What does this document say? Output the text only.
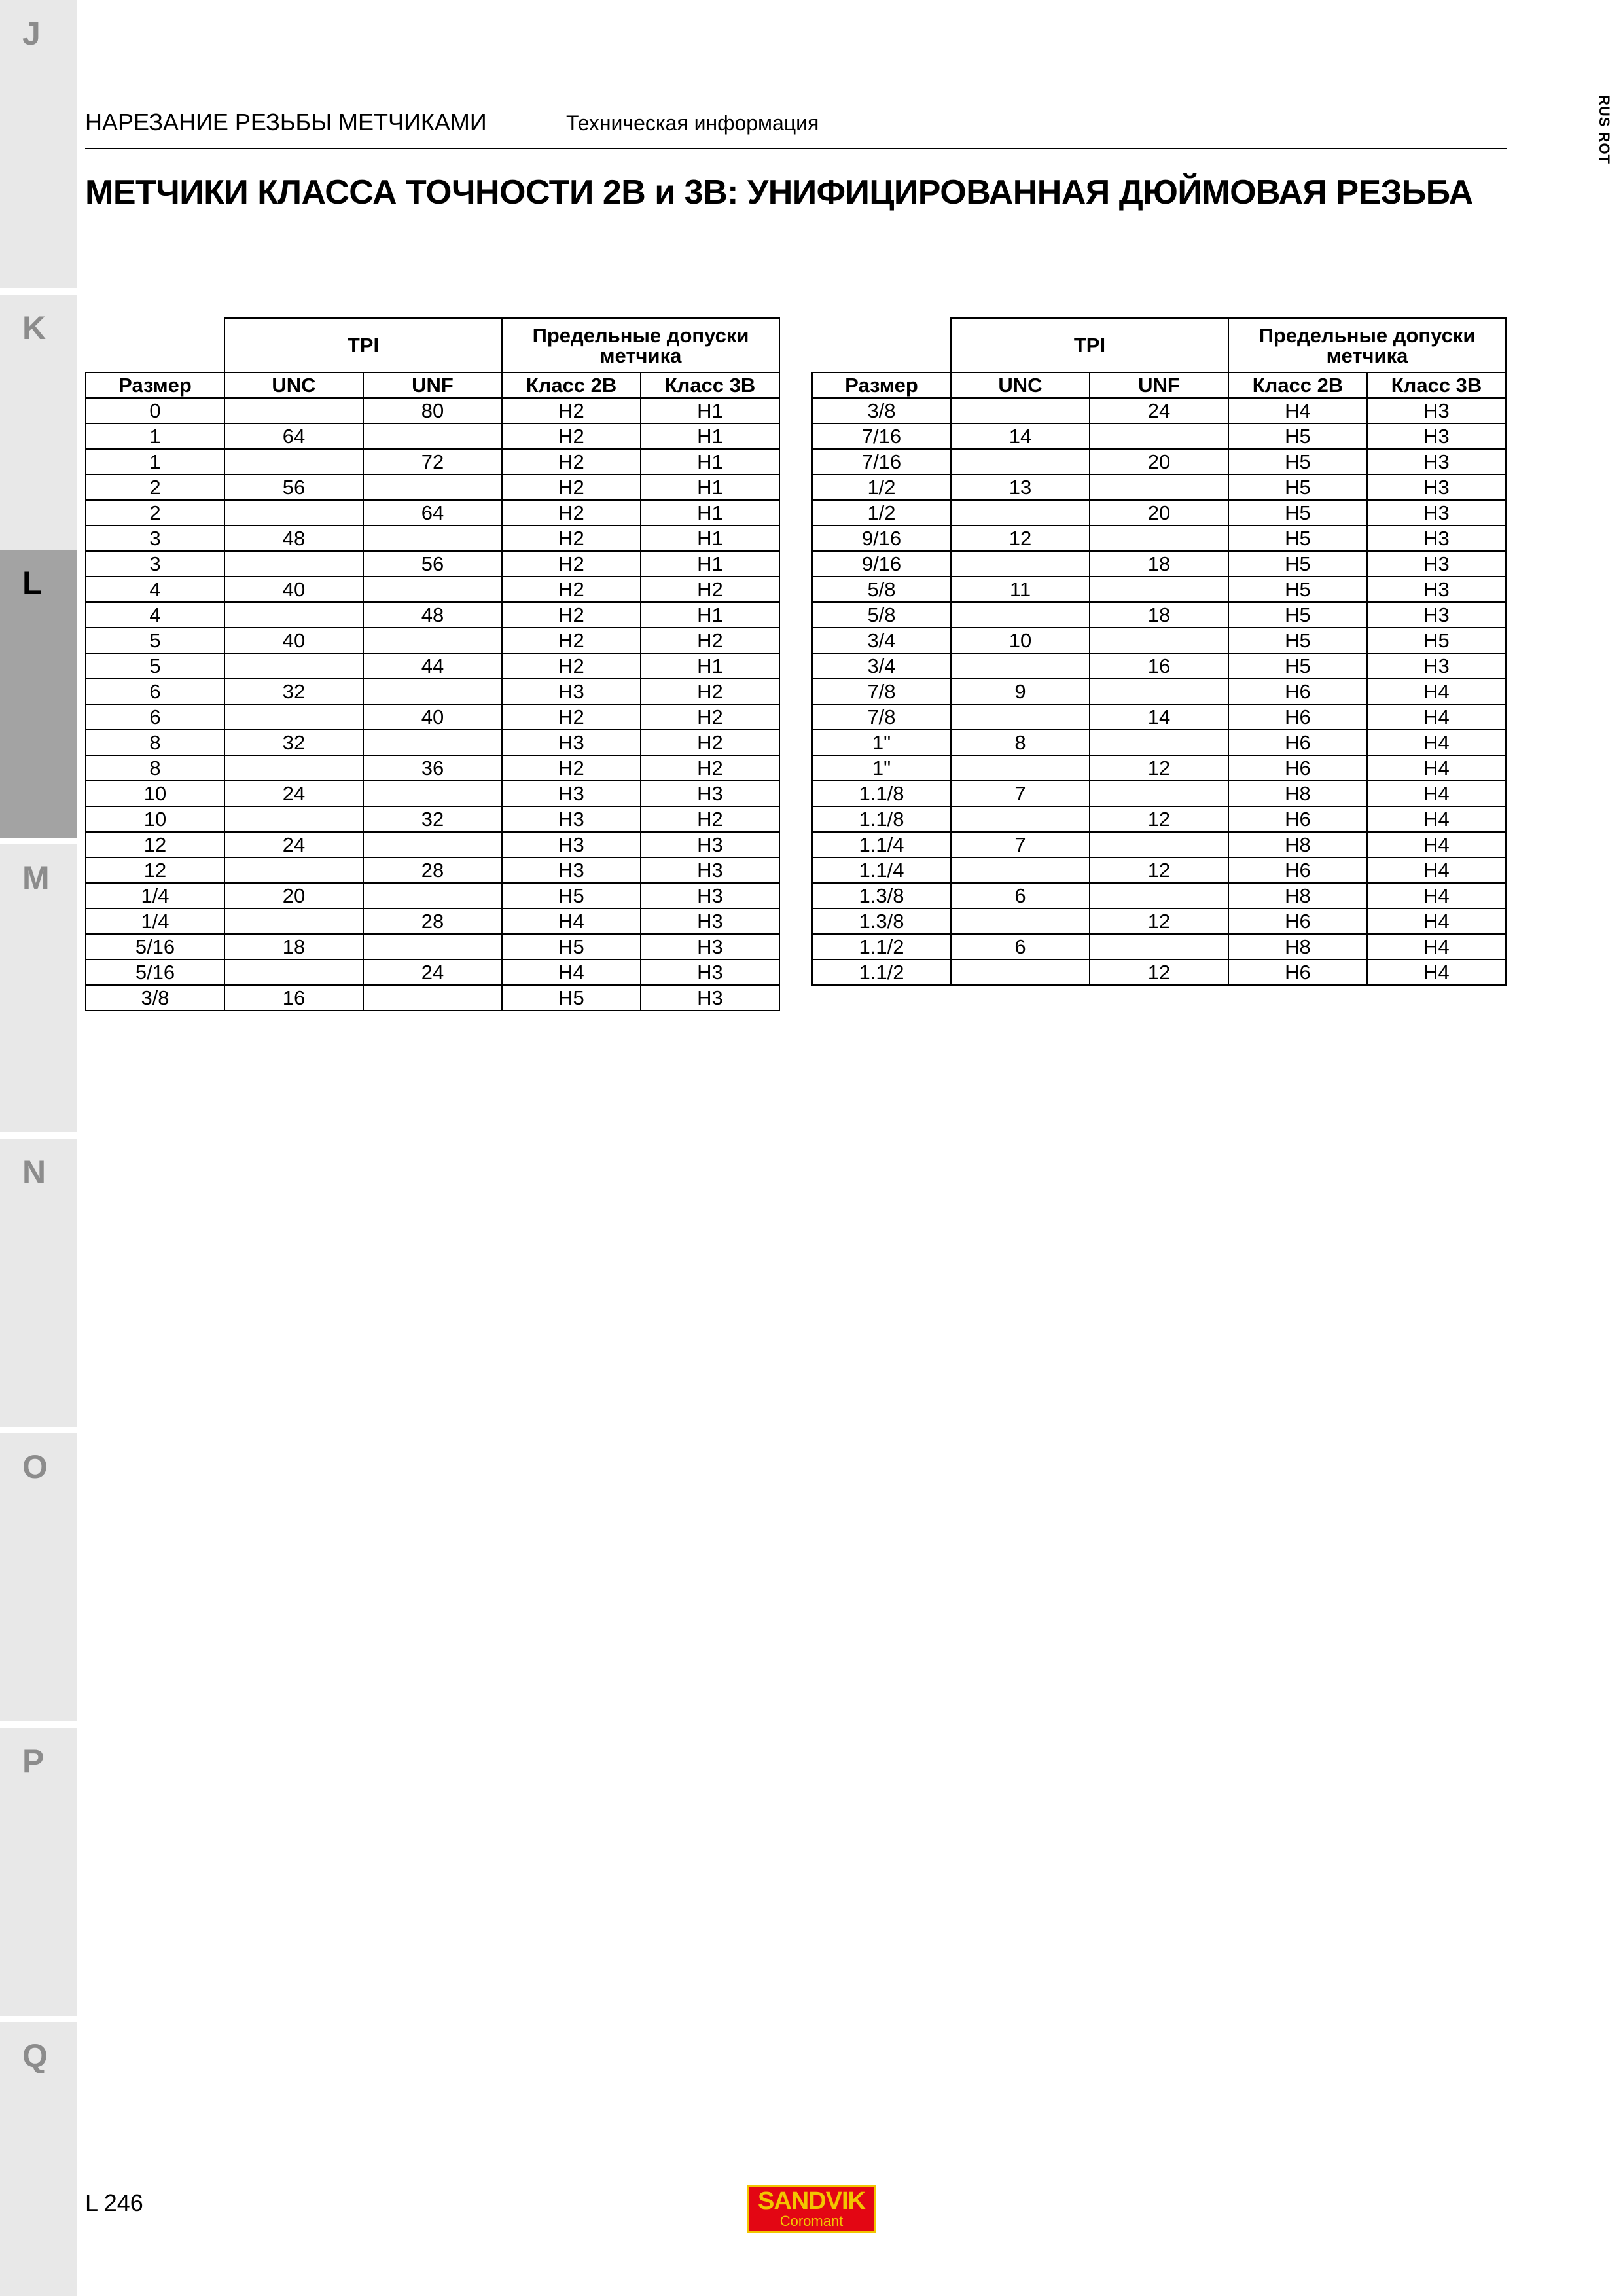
J
K
L
M
N
O
P
Q
RUS ROT
НАРЕЗАНИЕ РЕЗЬБЫ МЕТЧИКАМИ	Техническая информация
МЕТЧИКИ КЛАССА ТОЧНОСТИ 2B и 3B: УНИФИЦИРОВАННАЯ ДЮЙМОВАЯ РЕЗЬБА
	TPI		Предельные допуски метчика	
Размер	UNC	UNF	Класс 2B	Класс 3B
0		80	H2	H1
1	64		H2	H1
1		72	H2	H1
2	56		H2	H1
2		64	H2	H1
3	48		H2	H1
3		56	H2	H1
4	40		H2	H2
4		48	H2	H1
5	40		H2	H2
5		44	H2	H1
6	32		H3	H2
6		40	H2	H2
8	32		H3	H2
8		36	H2	H2
10	24		H3	H3
10		32	H3	H2
12	24		H3	H3
12		28	H3	H3
1/4	20		H5	H3
1/4		28	H4	H3
5/16	18		H5	H3
5/16		24	H4	H3
3/8	16		H5	H3
	TPI		Предельные допуски метчика	
Размер	UNC	UNF	Класс 2B	Класс 3B
3/8		24	H4	H3
7/16	14		H5	H3
7/16		20	H5	H3
1/2	13		H5	H3
1/2		20	H5	H3
9/16	12		H5	H3
9/16		18	H5	H3
5/8	11		H5	H3
5/8		18	H5	H3
3/4	10		H5	H5
3/4		16	H5	H3
7/8	9		H6	H4
7/8		14	H6	H4
1"	8		H6	H4
1"		12	H6	H4
1.1/8	7		H8	H4
1.1/8		12	H6	H4
1.1/4	7		H8	H4
1.1/4		12	H6	H4
1.3/8	6		H8	H4
1.3/8		12	H6	H4
1.1/2	6		H8	H4
1.1/2		12	H6	H4
L 246	SANDVIK
Coromant
